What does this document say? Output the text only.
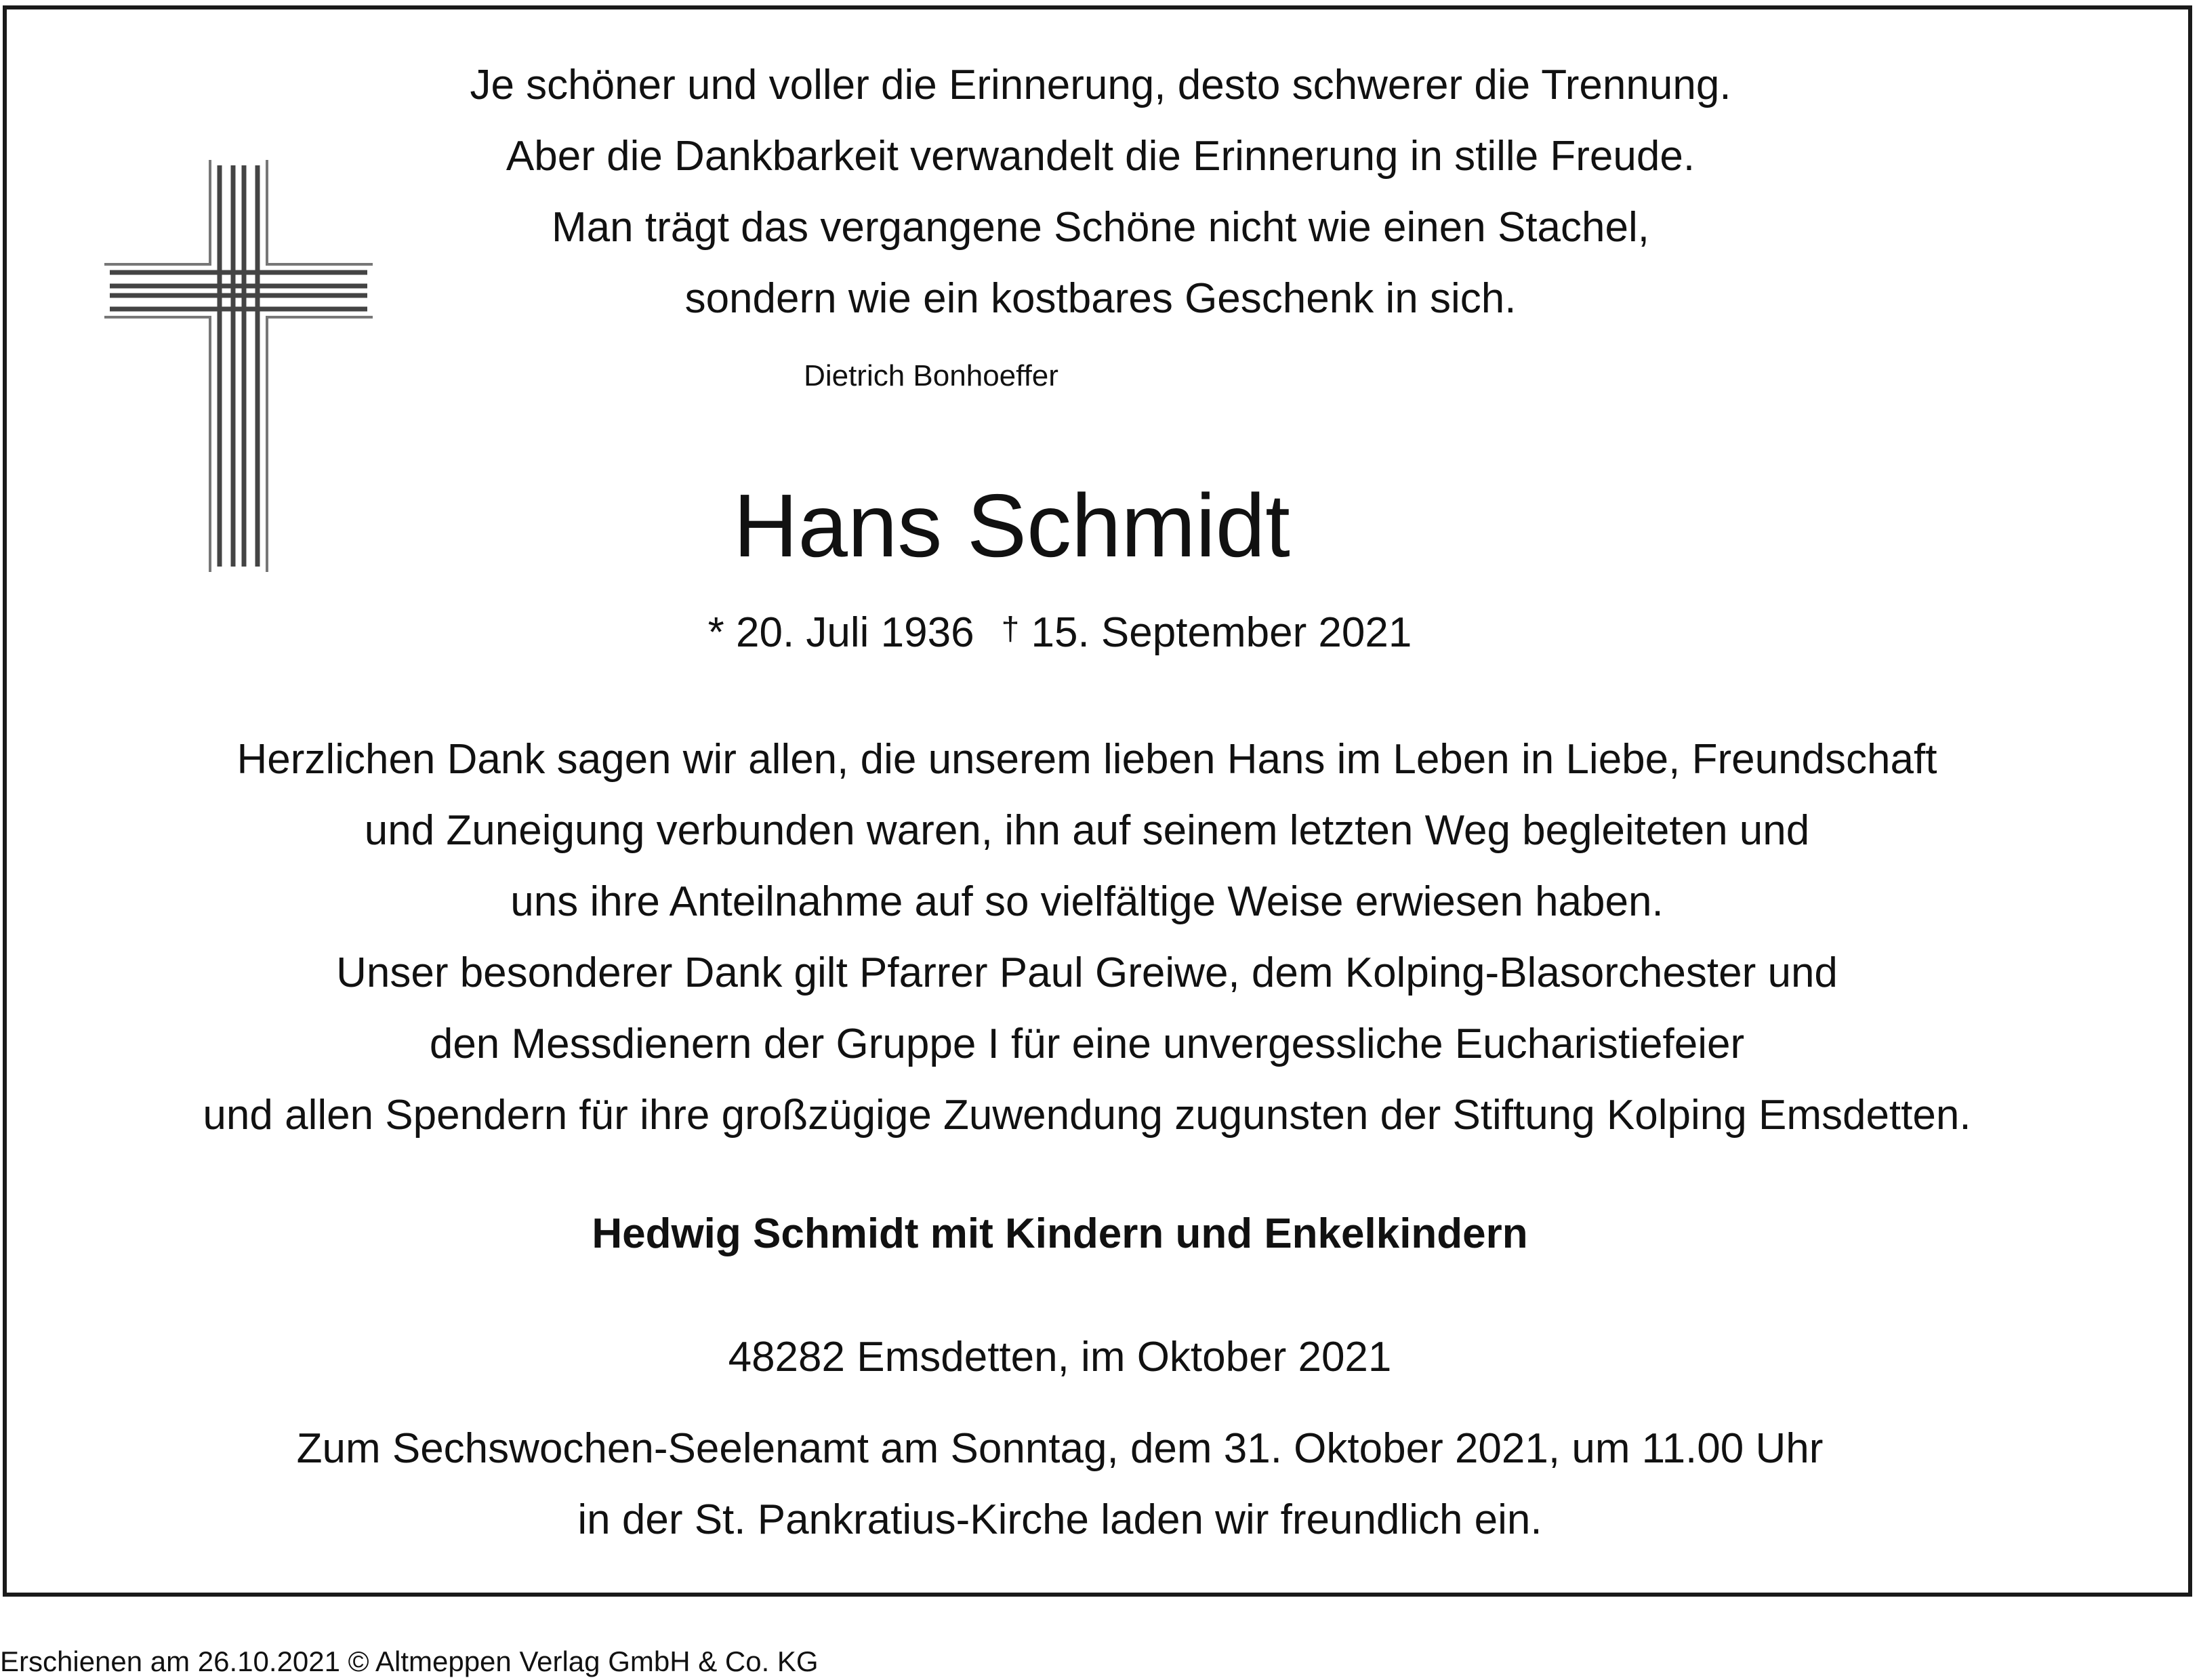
Je schöner und voller die Erinnerung, desto schwerer die Trennung.

Aber die Dankbarkeit verwandelt die Erinnerung in stille Freude.

Man trägt das vergangene Schöne nicht wie einen Stachel,

sondern wie ein kostbares Geschenk in sich.

Dietrich Bonhoeffer

Hans Schmidt

* 20. Juli 1936 † 15. September 2021

Herzlichen Dank sagen wir allen, die unserem lieben Hans im Leben in Liebe, Freundschaft

und Zuneigung verbunden waren, ihn auf seinem letzten Weg begleiteten und

uns ihre Anteilnahme auf so vielfältige Weise erwiesen haben.

Unser besonderer Dank gilt Pfarrer Paul Greiwe, dem Kolping-Blasorchester und

den Messdienern der Gruppe I für eine unvergessliche Eucharistiefeier

und allen Spendern für ihre großzügige Zuwendung zugunsten der Stiftung Kolping Emsdetten.

Hedwig Schmidt mit Kindern und Enkelkindern

48282 Emsdetten, im Oktober 2021

Zum Sechswochen-Seelenamt am Sonntag, dem 31. Oktober 2021, um 11.00 Uhr

in der St. Pankratius-Kirche laden wir freundlich ein.

Erschienen am 26.10.2021 © Altmeppen Verlag GmbH & Co. KG
